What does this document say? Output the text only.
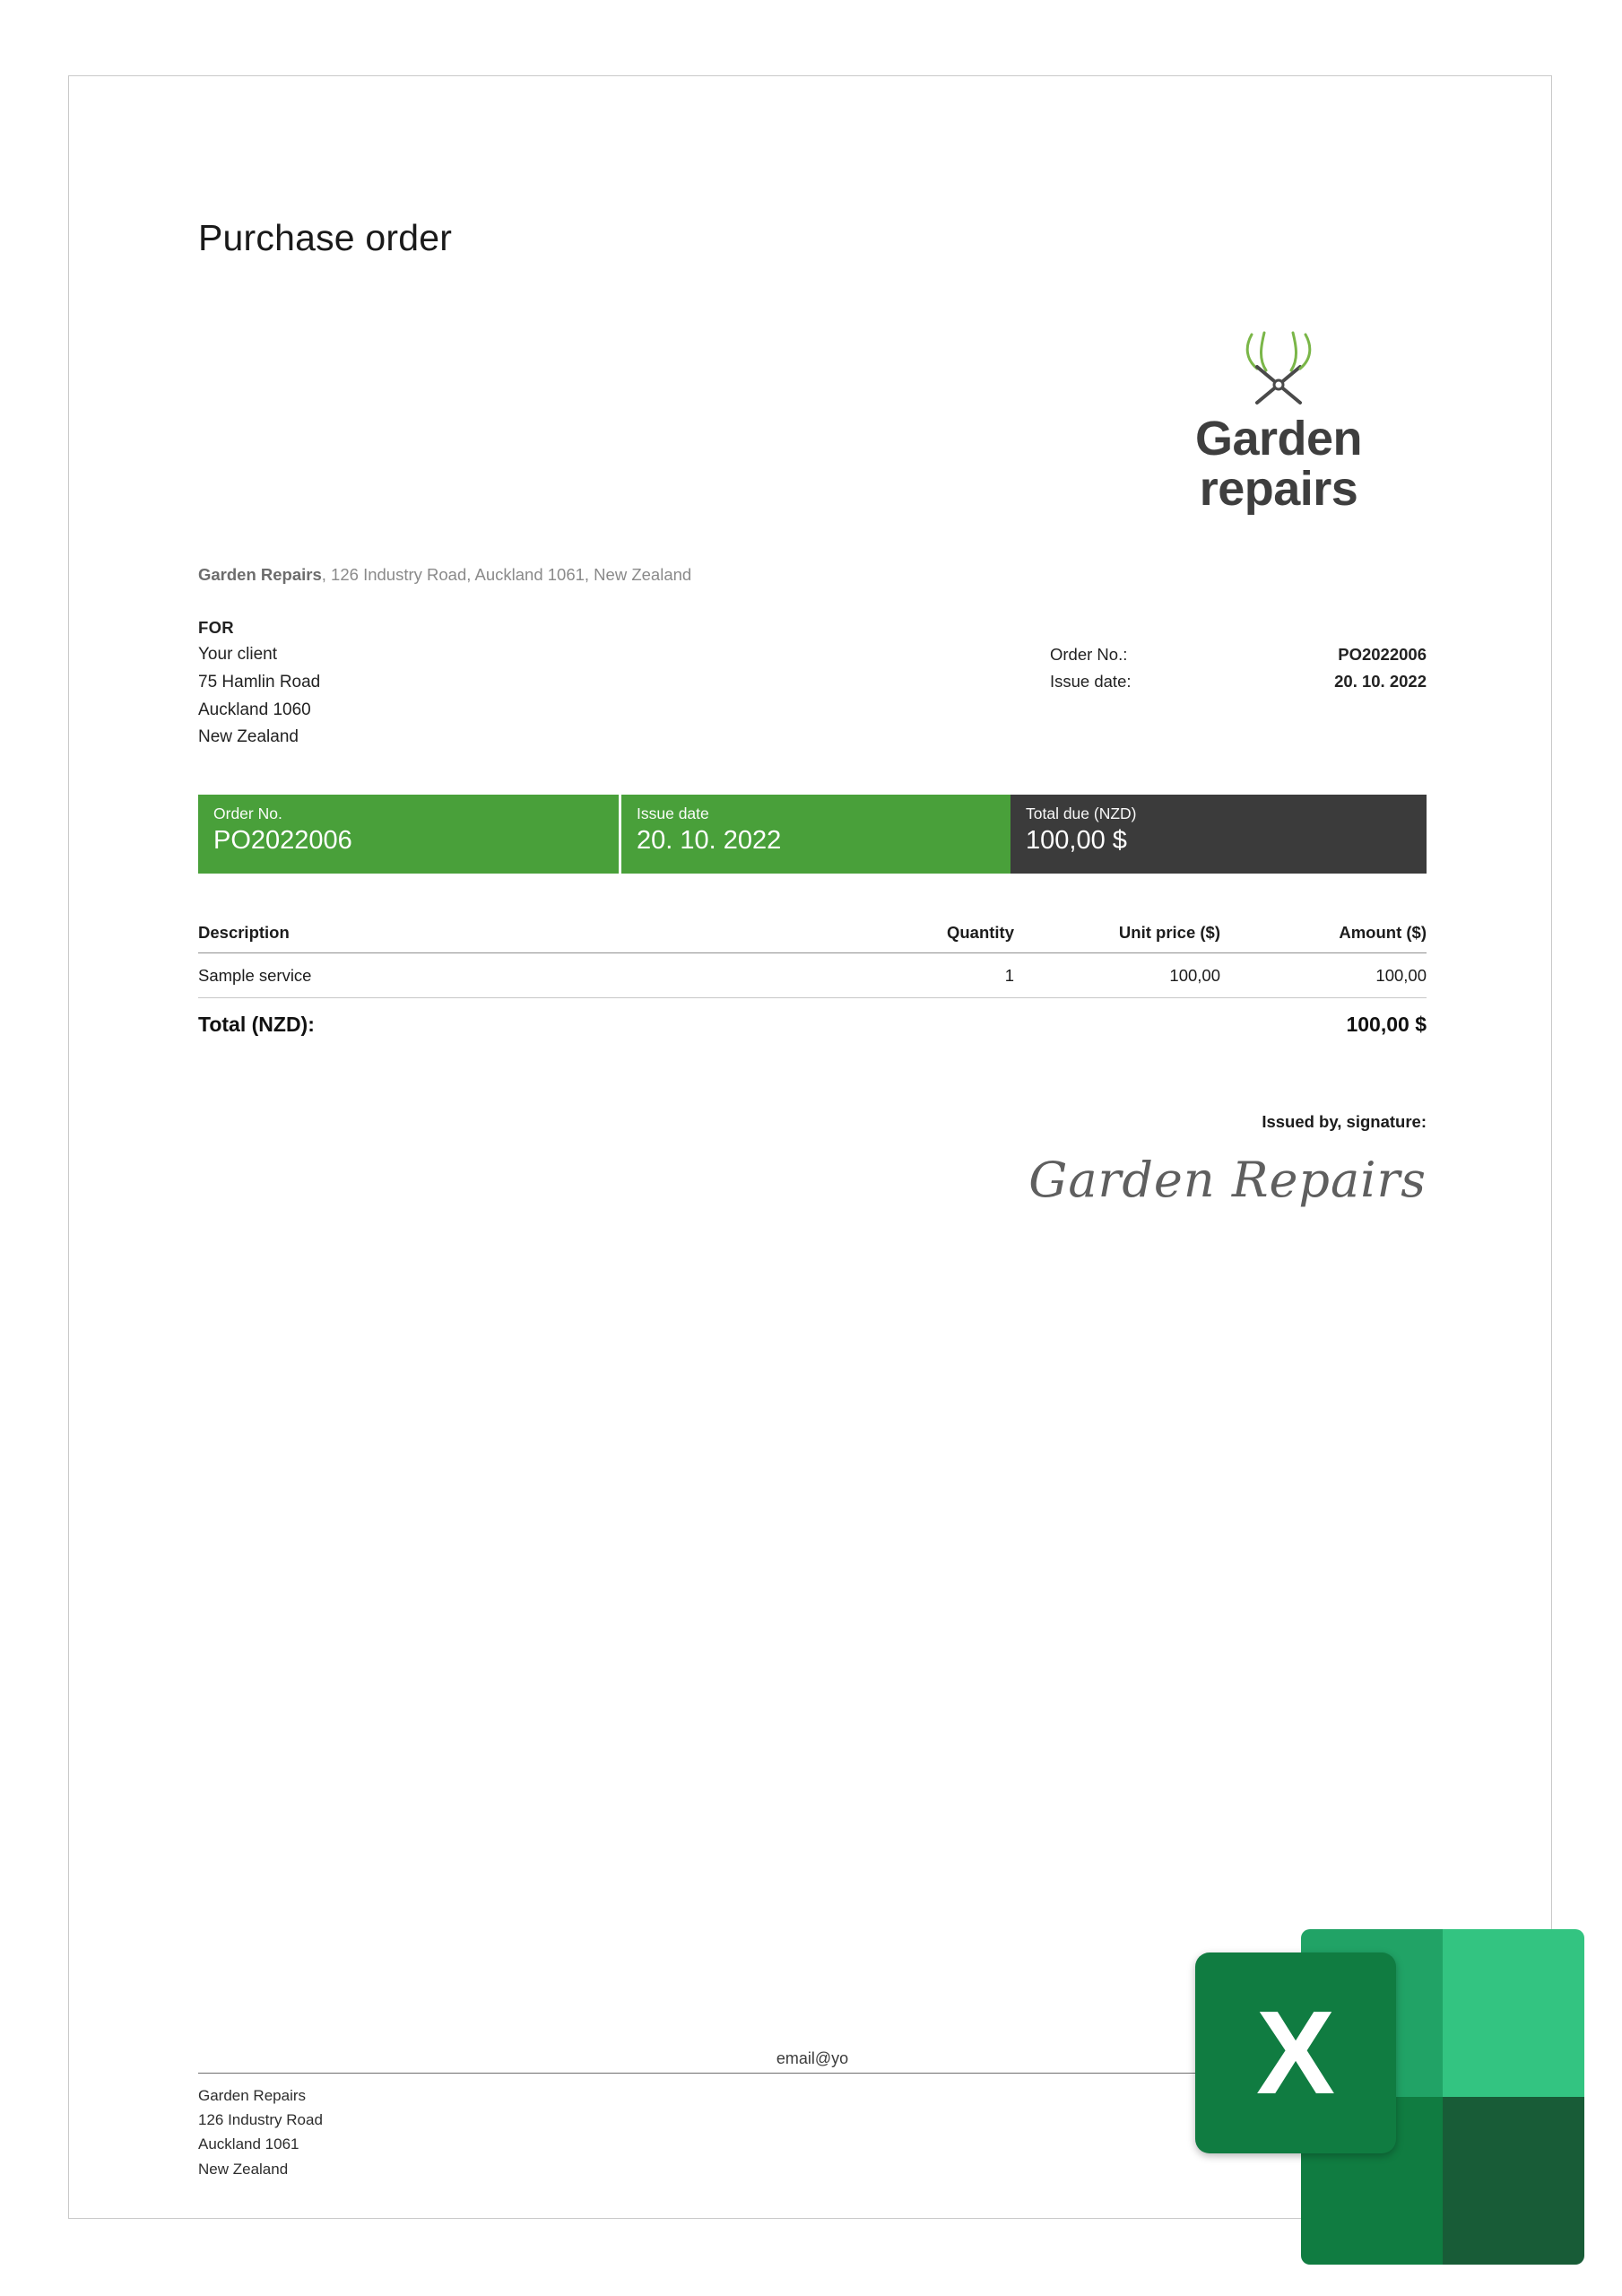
Purchase order
Garden
repairs
Garden Repairs, 126 Industry Road, Auckland 1061, New Zealand
FOR
Your client
75 Hamlin Road
Auckland 1060
New Zealand
Order No.:	PO2022006
Issue date:	20. 10. 2022
Order No.
PO2022006
Issue date
20. 10. 2022
Total due (NZD)
100,00 $
Description	Quantity	Unit price ($)	Amount ($)
Sample service	1	100,00	100,00
Total (NZD):	100,00 $
Issued by, signature:
Garden Repairs
email@yo
Garden Repairs
126 Industry Road
Auckland 1061
New Zealand
X
